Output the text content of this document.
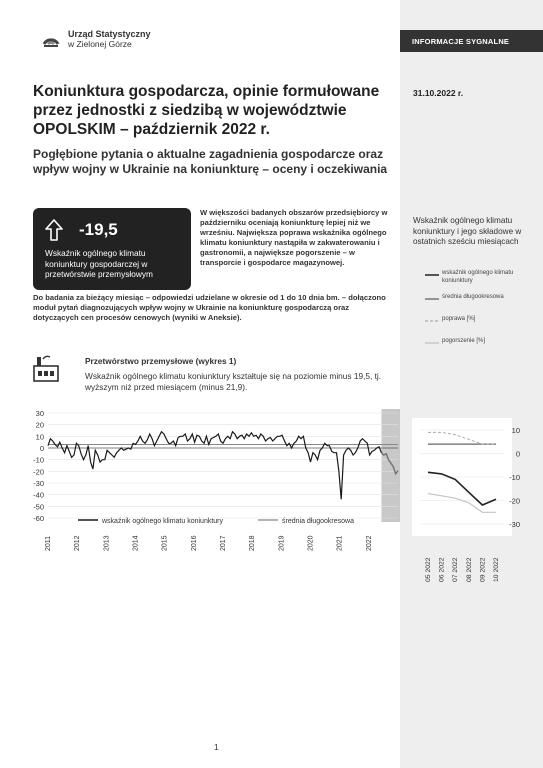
Urząd Statystyczny
w Zielonej Górze	INFORMACJE SYGNALNE
31.10.2022 r.
Koniunktura gospodarcza, opinie formułowane przez jednostki z siedzibą w województwie OPOLSKIM – październik 2022 r.
Pogłębione pytania o aktualne zagadnienia gospodarcze oraz wpływ wojny w Ukrainie na koniunkturę – oceny i oczekiwania
-19,5
Wskaźnik ogólnego klimatu koniunktury gospodarczej w przetwórstwie przemysłowym
W większości badanych obszarów przedsiębiorcy w październiku oceniają koniunkturę lepiej niż we wrześniu. Największa poprawa wskaźnika ogólnego klimatu koniunktury nastąpiła w zakwaterowaniu i gastronomii, a największe pogorszenie – w transporcie i gospodarce magazynowej.
Do badania za bieżący miesiąc – odpowiedzi udzielane w okresie od 1 do 10 dnia bm. – dołączono moduł pytań diagnozujących wpływ wojny w Ukrainie na koniunkturę gospodarczą oraz dotyczących cen procesów cenowych (wyniki w Aneksie).
Przetwórstwo przemysłowe (wykres 1)
Wskaźnik ogólnego klimatu koniunktury kształtuje się na poziomie minus 19,5, tj. wyższym niż przed miesiącem (minus 21,9).
30
20
10
0
-10
-20
-30
-40
-50
-60
2011	2012	2013	2014	2015	2016	2017	2018	2019	2020	2021	2022
wskaźnik ogólnego klimatu koniunktury	średnia długookresowa
Wskaźnik ogólnego klimatu koniunktury i jego składowe w ostatnich sześciu miesiącach
wskaźnik ogólnego klimatu koniunktury
średnia długookresowa
poprawa [%]
pogorszenie [%]
10
0
-10
-20
-30
05 2022 06 2022 07 2022 08 2022 09 2022 10 2022
1
